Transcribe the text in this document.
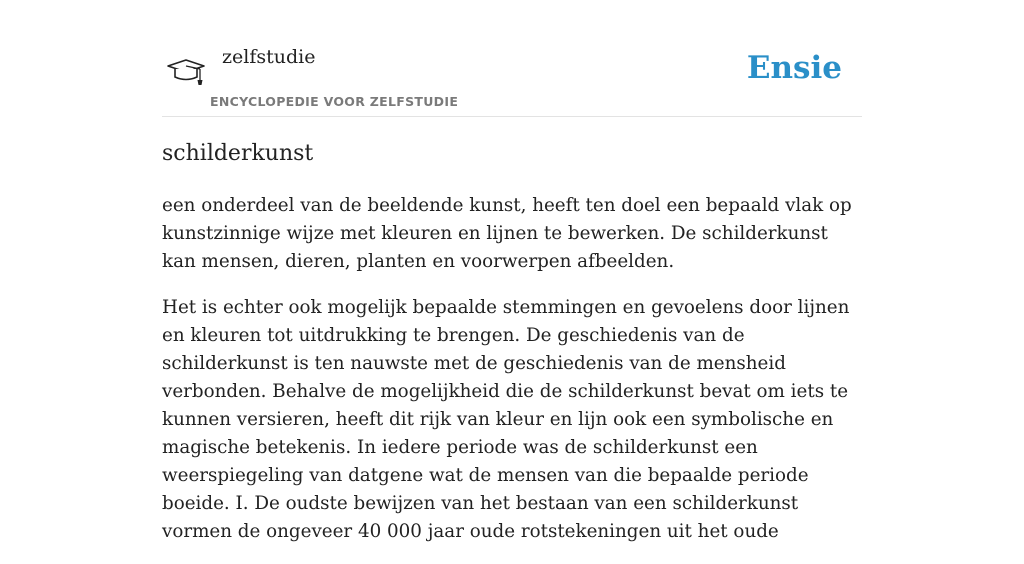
zelfstudie
ENCYCLOPEDIE VOOR ZELFSTUDIE
Ensie
schilderkunst

een onderdeel van de beeldende kunst, heeft ten doel een bepaald vlak op kunstzinnige wijze met kleuren en lijnen te bewerken. De schilderkunst kan mensen, dieren, planten en voorwerpen afbeelden.

Het is echter ook mogelijk bepaalde stemmingen en gevoelens door lijnen en kleuren tot uitdrukking te brengen. De geschiedenis van de schilderkunst is ten nauwste met de geschiedenis van de mensheid verbonden. Behalve de mogelijkheid die de schilderkunst bevat om iets te kunnen versieren, heeft dit rijk van kleur en lijn ook een symbolische en magische betekenis. In iedere periode was de schilderkunst een weerspiegeling van datgene wat de mensen van die bepaalde periode boeide. I. De oudste bewijzen van het bestaan van een schilderkunst vormen de ongeveer 40 000 jaar oude rotstekeningen uit het oude
